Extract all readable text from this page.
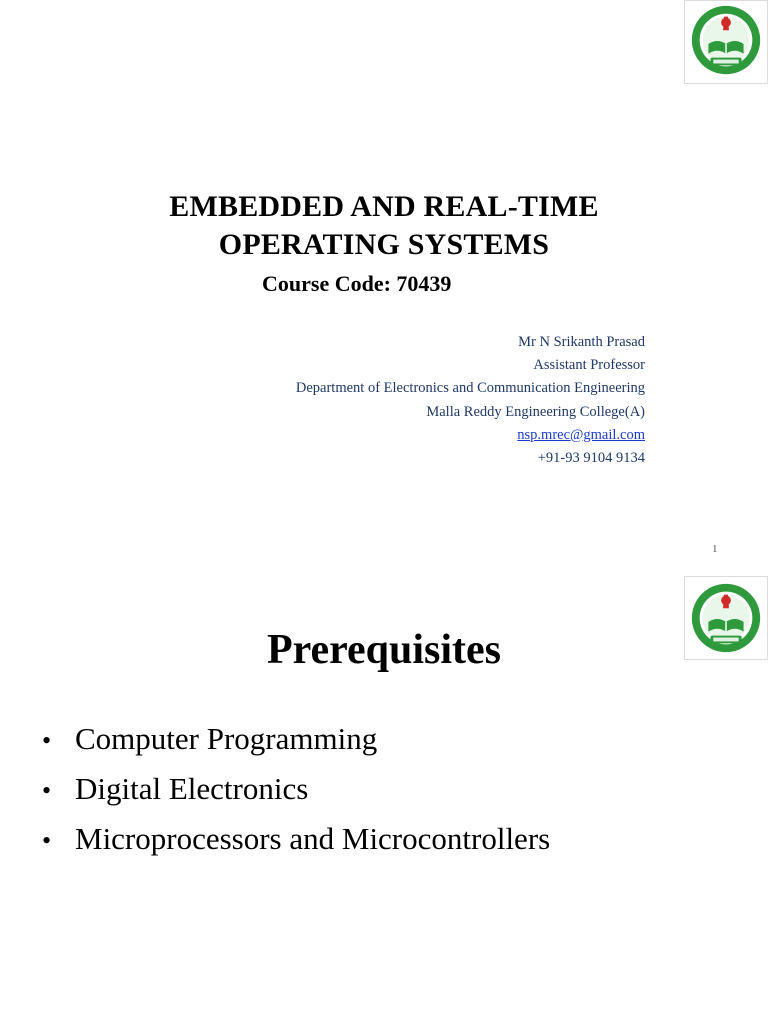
EMBEDDED AND REAL-TIME
OPERATING SYSTEMS
Course Code: 70439
Mr N Srikanth Prasad
Assistant Professor
Department of Electronics and Communication Engineering
Malla Reddy Engineering College(A)
nsp.mrec@gmail.com
+91-93 9104 9134
1
Prerequisites
• Computer Programming
• Digital Electronics
• Microprocessors and Microcontrollers
